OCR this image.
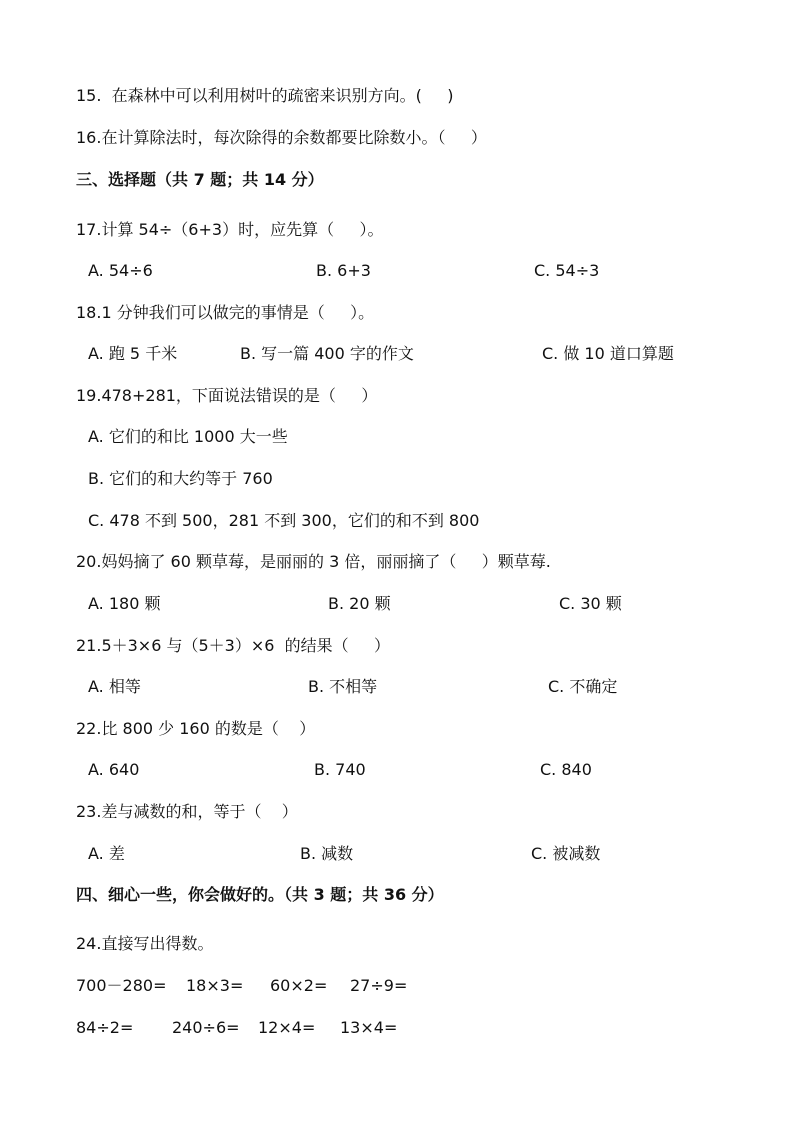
15.  在森林中可以利用树叶的疏密来识别方向。(     )
16.在计算除法时，每次除得的余数都要比除数小。（     ）
三、选择题（共 7 题；共 14 分）
17.计算 54÷（6+3）时，应先算（     ）。
A. 54÷6	B. 6+3	C. 54÷3
18.1 分钟我们可以做完的事情是（     ）。
A. 跑 5 千米	B. 写一篇 400 字的作文	C. 做 10 道口算题
19.478+281，下面说法错误的是（     ）
A. 它们的和比 1000 大一些
B. 它们的和大约等于 760
C. 478 不到 500，281 不到 300，它们的和不到 800
20.妈妈摘了 60 颗草莓，是丽丽的 3 倍，丽丽摘了（     ）颗草莓.
A. 180 颗	B. 20 颗	C. 30 颗
21.5＋3×6 与（5＋3）×6  的结果（     ）
A. 相等	B. 不相等	C. 不确定
22.比 800 少 160 的数是（    ）
A. 640	B. 740	C. 840
23.差与减数的和，等于（    ）
A. 差	B. 减数	C. 被减数
四、细心一些，你会做好的。（共 3 题；共 36 分）
24.直接写出得数。
700－280= 18×3= 60×2= 27÷9=
84÷2= 240÷6= 12×4= 13×4=
